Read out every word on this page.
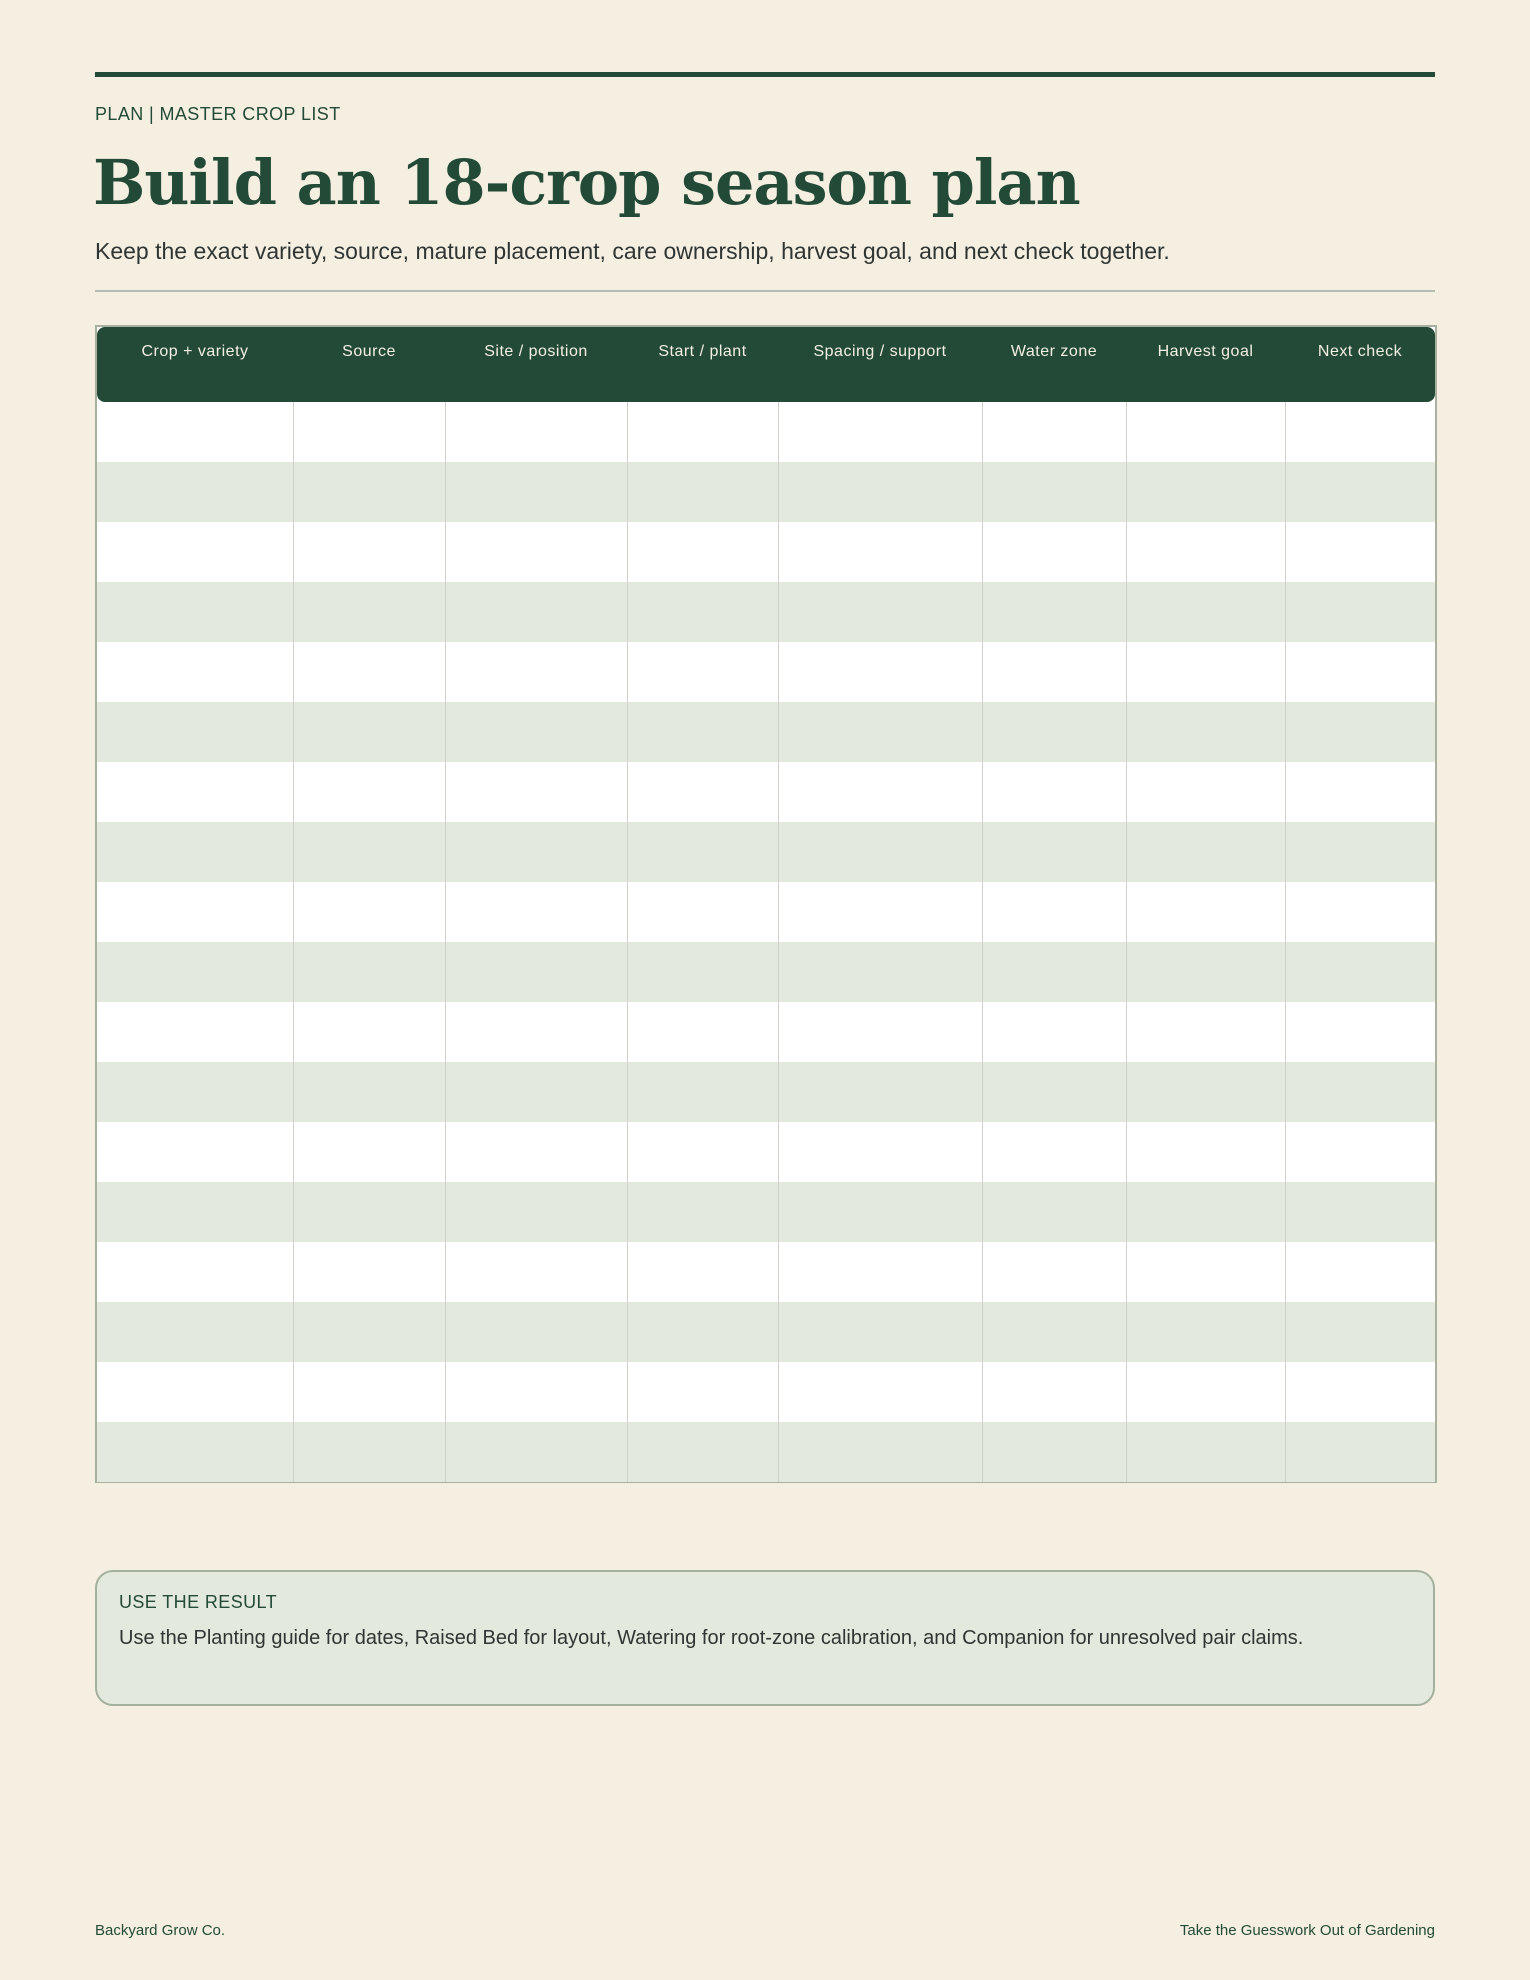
PLAN | MASTER CROP LIST
Build an 18-crop season plan
Keep the exact variety, source, mature placement, care ownership, harvest goal, and next check together.
Crop + variety	Source	Site / position	Start / plant	Spacing / support	Water zone	Harvest goal	Next check

USE THE RESULT
Use the Planting guide for dates, Raised Bed for layout, Watering for root-zone calibration, and Companion for unresolved pair claims.
Backyard Grow Co.	Take the Guesswork Out of Gardening
